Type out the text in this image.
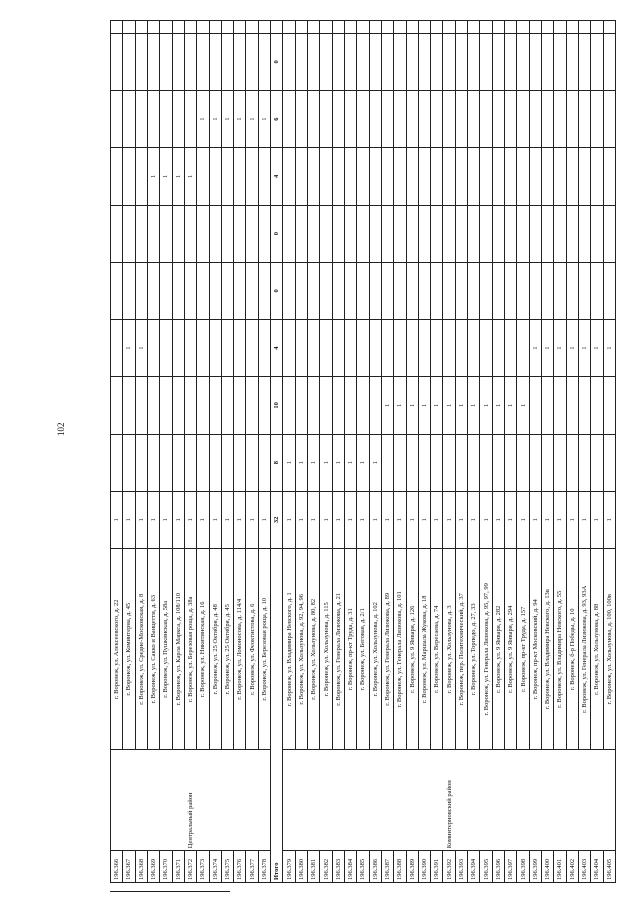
102
196.366	Центральный район	г. Воронеж, ул. Алексеевского, д. 22	1									
196.367		г. Воронеж, ул. Коминтерна, д. 45	1			1						
196.368		г. Воронеж, ул. Средне-Московская, д. 8	1			1						
196.369		г. Воронеж, ул. Сакко и Ванцетти, д. 63	1						1			
196.370		г. Воронеж, ул. Пушкинская, д. 58а	1						1			
196.371		г. Воронеж, ул. Карла Маркса, д. 108/110	1						1			
196.372		г. Воронеж, ул. Березовая роща, д. 38а	1						1			
196.373		г. Воронеж, ул. Никитинская, д. 16	1							1		
196.374		г. Воронеж, ул. 25 Октября, д. 48	1							1		
196.375		г. Воронеж, ул. 25 Октября, д. 45	1							1		
196.376		г. Воронеж, ул. Ломоносова, д. 114/4	1							1		
196.377		г. Воронеж, ул. Феоктистова, д. 6	1							1		
196.378		г. Воронеж, ул. Березовая роща, д. 10	1							1		
Итого			32	8	10	4	0	0	4	6	0	
196.379	Коминтерновский район	г. Воронеж, ул. Владимира Невского, д. 1	1	1								
196.380		г. Воронеж, ул. Хользунова, д. 92, 94, 96	1	1								
196.381		г. Воронеж, ул. Хользунова, д. 80, 82	1	1								
196.382		г. Воронеж, ул. Хользунова, д. 115	1	1								
196.383		г. Воронеж, ул. Генерала Лизюкова, д. 21	1	1								
196.384		г. Воронеж, пр-кт Труда, д. 31	1	1								
196.385		г. Воронеж, ул. Беговая, д. 2/1	1	1								
196.386		г. Воронеж, ул. Хользунова, д. 102	1	1								
196.387		г. Воронеж, ул. Генерала Лизюкова, д. 89	1		1							
196.388		г. Воронеж, ул. Генерала Лизюкова, д. 101	1		1							
196.389		г. Воронеж, ул. 9 Января, д. 126	1		1							
196.390		г. Воронеж, ул. Маршала Жукова, д. 18	1		1							
196.391		г. Воронеж, ул. Вересаева, д. 74	1		1							
196.392		г. Воронеж, ул. Хользунова, д. 3	1		1							
196.393		г. Воронеж, пер. Политехнический, д. 37	1		1							
196.394		г. Воронеж, ул. Торпедо, д. 27, 33	1		1							
196.395		г. Воронеж, ул. Генерала Лизюкова, д. 95, 97, 99	1		1							
196.396		г. Воронеж, ул. 9 Января, д. 282	1		1							
196.397		г. Воронеж, ул. 9 Января, д. 294	1		1							
196.398		г. Воронеж, пр-кт Труда, д. 157	1		1							
196.399		г. Воронеж, пр-кт Московский, д. 94	1			1						
196.400		г. Воронеж, ул. Владимира Невского, д. 13в	1			1						
196.401		г. Воронеж, ул. Владимира Невского, д. 55	1			1						
196.402		г. Воронеж, б-р Победы, д. 10	1			1						
196.403		г. Воронеж, ул. Генерала Лизюкова, д. 93, 93А	1			1						
196.404		г. Воронеж, ул. Хользунова, д. 88	1			1						
196.405		г. Воронеж, ул. Хользунова, д. 100, 100в	1			1						
